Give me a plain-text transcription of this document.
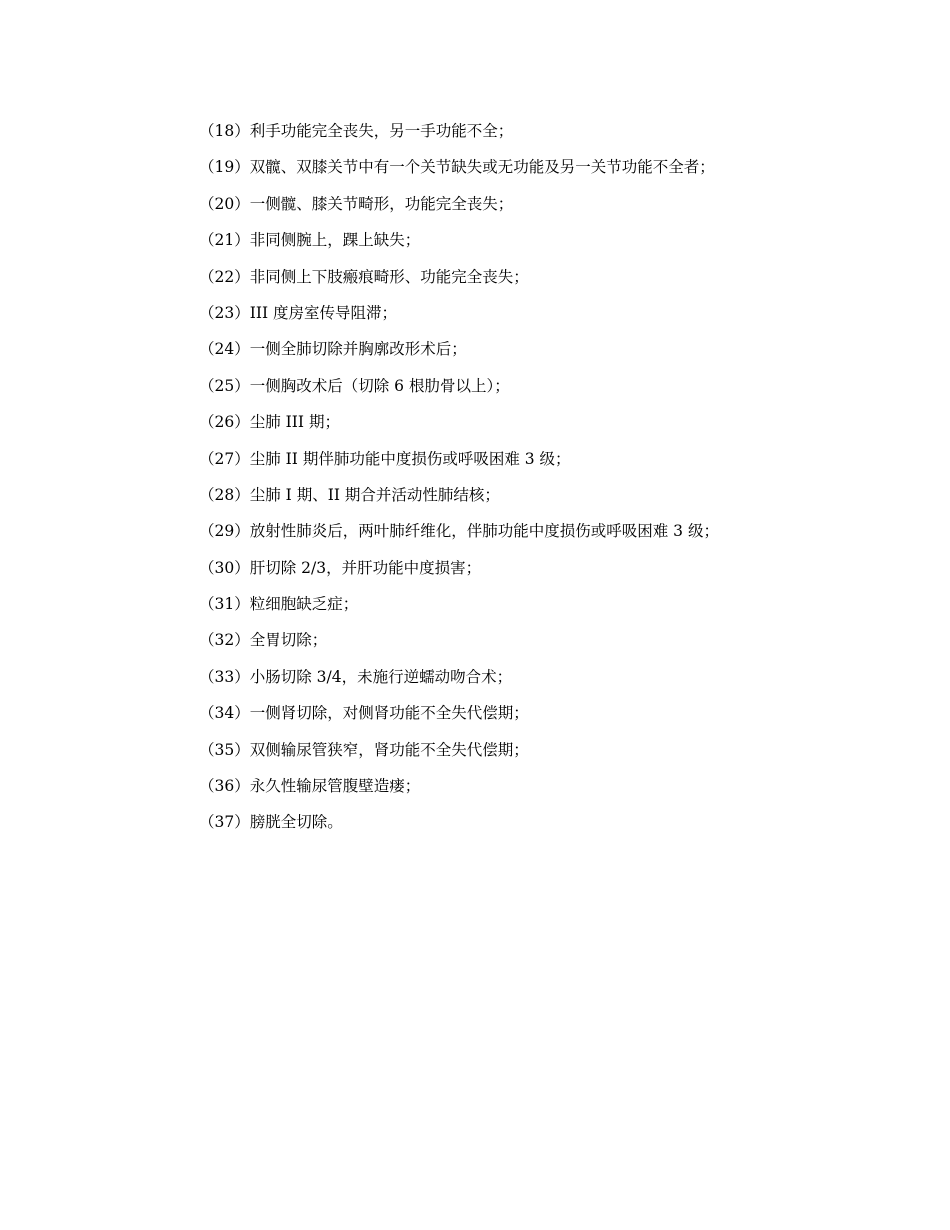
（18） 利手功能完全丧失，另一手功能不全；
（19） 双髋、双膝关节中有一个关节缺失或无功能及另一关节功能不全者；
（20） 一侧髋、膝关节畸形，功能完全丧失；
（21） 非同侧腕上，踝上缺失；
（22） 非同侧上下肢瘢痕畸形、功能完全丧失；
（23） III 度房室传导阻滞；
（24） 一侧全肺切除并胸廓改形术后；
（25） 一侧胸改术后（切除 6 根肋骨以上）；
（26） 尘肺 III 期；
（27） 尘肺 II 期伴肺功能中度损伤或呼吸困难 3 级；
（28） 尘肺 I 期、II 期合并活动性肺结核；
（29） 放射性肺炎后，两叶肺纤维化，伴肺功能中度损伤或呼吸困难 3 级；
（30） 肝切除 2/3，并肝功能中度损害；
（31） 粒细胞缺乏症；
（32） 全胃切除；
（33） 小肠切除 3/4，未施行逆蠕动吻合术；
（34） 一侧肾切除，对侧肾功能不全失代偿期；
（35） 双侧输尿管狭窄，肾功能不全失代偿期；
（36） 永久性输尿管腹壁造瘘；
（37） 膀胱全切除。
